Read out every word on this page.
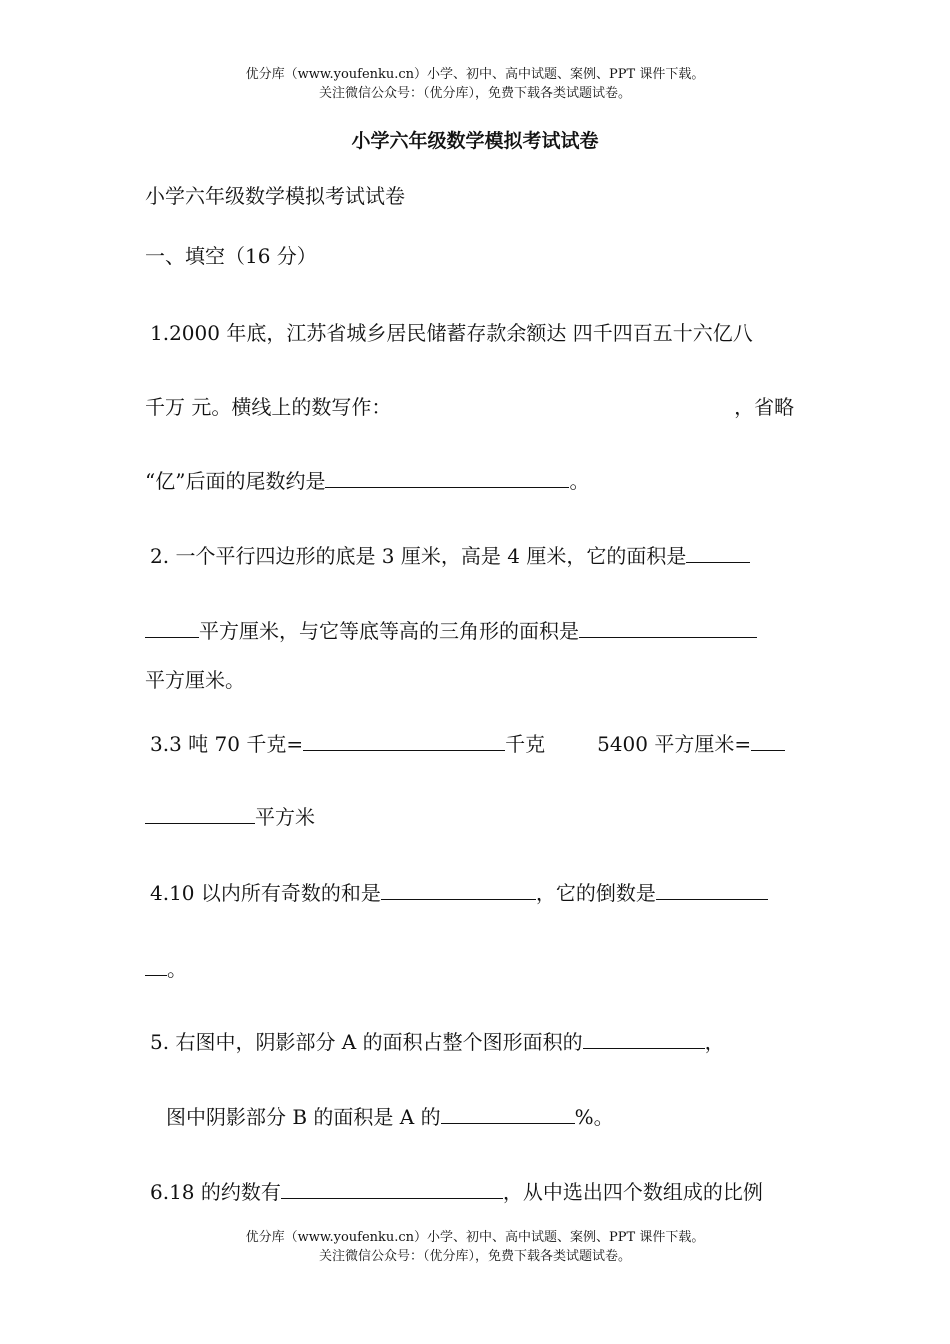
优分库（www.youfenku.cn）小学、初中、高中试题、案例、PPT 课件下载。
关注微信公众号：（优分库），免费下载各类试题试卷。
小学六年级数学模拟考试试卷
小学六年级数学模拟考试试卷
一、填空（16 分）
1.2000 年底，江苏省城乡居民储蓄存款余额达 四千四百五十六亿八
千万 元。横线上的数写作：	，省略
“亿”后面的尾数约是	。
2. 一个平行四边形的底是 3 厘米，高是 4 厘米，它的面积是
平方厘米，与它等底等高的三角形的面积是
平方厘米。
3.3 吨 70 千克=	千克	5400 平方厘米=
平方米
4.10 以内所有奇数的和是	，它的倒数是
。
5. 右图中，阴影部分 A 的面积占整个图形面积的	，
图中阴影部分 B 的面积是 A 的	%。
6.18 的约数有	，从中选出四个数组成的比例
优分库（www.youfenku.cn）小学、初中、高中试题、案例、PPT 课件下载。
关注微信公众号：（优分库），免费下载各类试题试卷。
